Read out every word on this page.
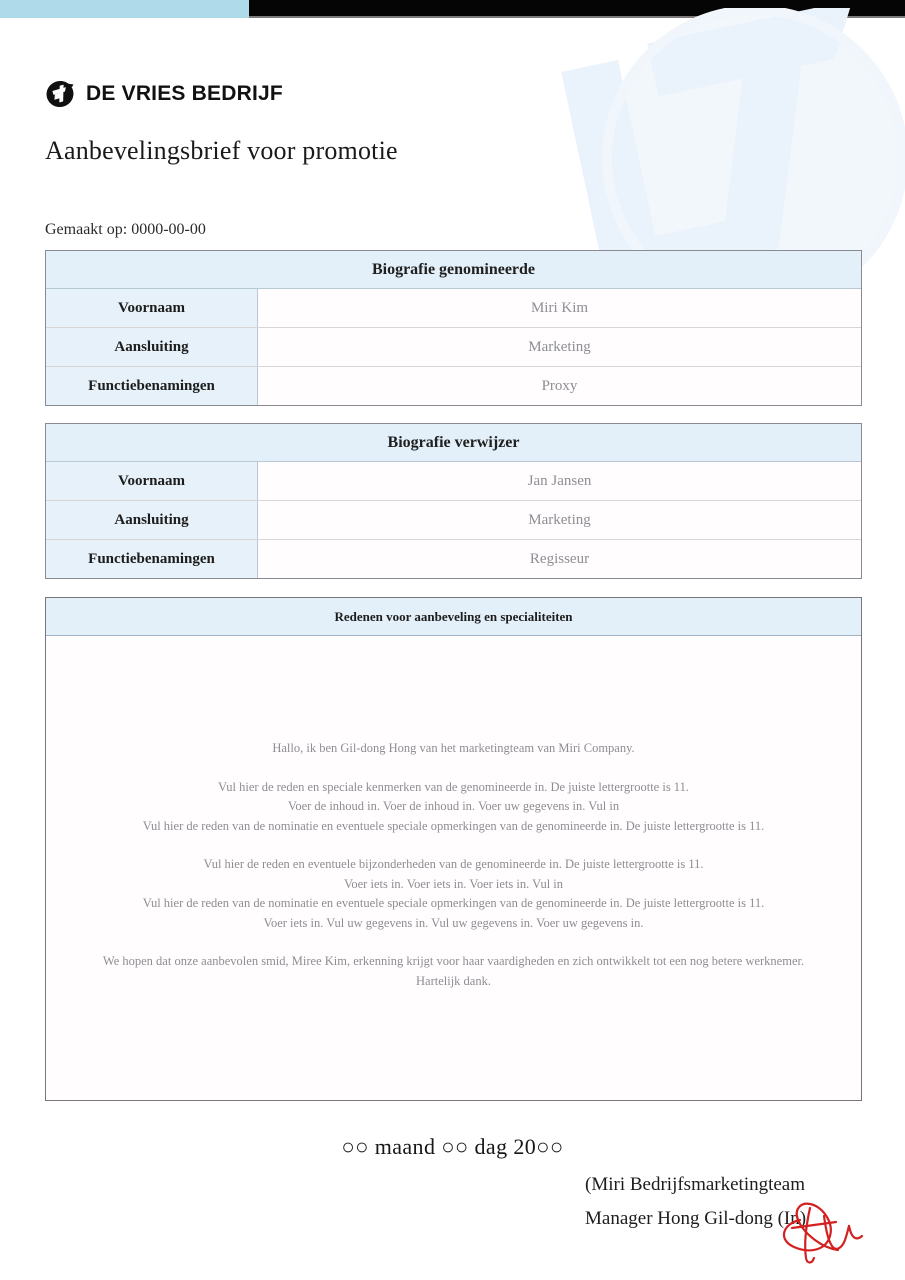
DE VRIES BEDRIJF
Aanbevelingsbrief voor promotie
Gemaakt op: 0000-00-00
Biografie genomineerde
Voornaam	Miri Kim
Aansluiting	Marketing
Functiebenamingen	Proxy
Biografie verwijzer
Voornaam	Jan Jansen
Aansluiting	Marketing
Functiebenamingen	Regisseur
Redenen voor aanbeveling en specialiteiten
Hallo, ik ben Gil-dong Hong van het marketingteam van Miri Company.
Vul hier de reden en speciale kenmerken van de genomineerde in. De juiste lettergrootte is 11.
Voer de inhoud in. Voer de inhoud in. Voer uw gegevens in. Vul in
Vul hier de reden van de nominatie en eventuele speciale opmerkingen van de genomineerde in. De juiste lettergrootte is 11.
Vul hier de reden en eventuele bijzonderheden van de genomineerde in. De juiste lettergrootte is 11.
Voer iets in. Voer iets in. Voer iets in. Vul in
Vul hier de reden van de nominatie en eventuele speciale opmerkingen van de genomineerde in. De juiste lettergrootte is 11.
Voer iets in. Vul uw gegevens in. Vul uw gegevens in. Voer uw gegevens in.
We hopen dat onze aanbevolen smid, Miree Kim, erkenning krijgt voor haar vaardigheden en zich ontwikkelt tot een nog betere werknemer.
Hartelijk dank.
○○ maand ○○ dag 20○○
(Miri Bedrijfsmarketingteam
Manager Hong Gil-dong (In)
